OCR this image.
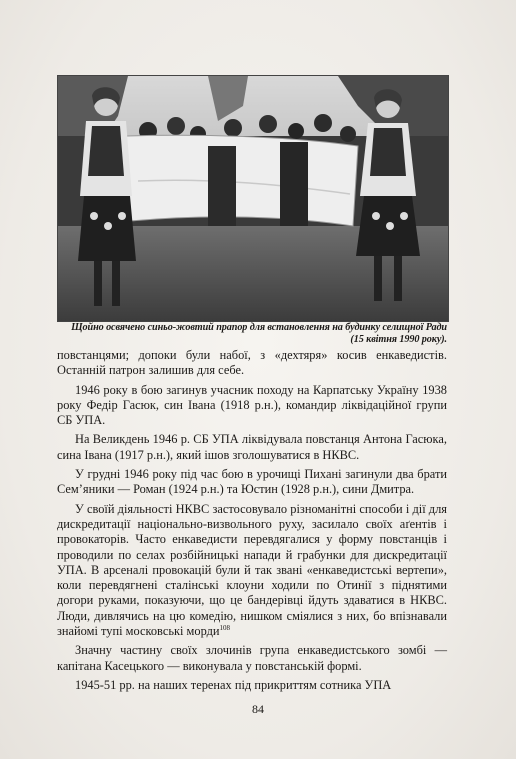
Щойно освячено синьо-жовтий прапор для встановлення на будинку селищної Ради (15 квітня 1990 року).

повстанцями; допоки були набої, з «дехтяря» косив енкаведистів. Останній патрон залишив для себе.

1946 року в бою загинув учасник походу на Карпатську Україну 1938 року Федір Гасюк, син Івана (1918 р.н.), командир ліквідаційної групи СБ УПА.

На Великдень 1946 р. СБ УПА ліквідувала повстанця Антона Гасюка, сина Івана (1917 р.н.), який ішов зголошуватися в НКВС.

У грудні 1946 року під час бою в урочищі Пихані загинули два брати Сем’яники — Роман (1924 р.н.) та Юстин (1928 р.н.), сини Дмитра.

У своїй діяльності НКВС застосовувало різноманітні способи і дії для дискредитації національно-визвольного руху, засилало своїх аґентів і провокаторів. Часто енкаведисти перевдягалися у форму повстанців і проводили по селах розбійницькі напади й грабунки для дискредитації УПА. В арсеналі провокацій були й так звані «енкаведистські вертепи», коли перевдягнені сталінські клоуни ходили по Отинії з піднятими догори руками, показуючи, що це бандерівці йдуть здаватися в НКВС. Люди, дивлячись на цю комедію, нишком сміялися з них, бо впізнавали знайомі тупі московські морди$^{108}$

Значну частину своїх злочинів група енкаведистського зомбі — капітана Касецького — виконувала у повстанській формі.

1945-51 рр. на наших теренах під прикриттям сотника УПА

84
